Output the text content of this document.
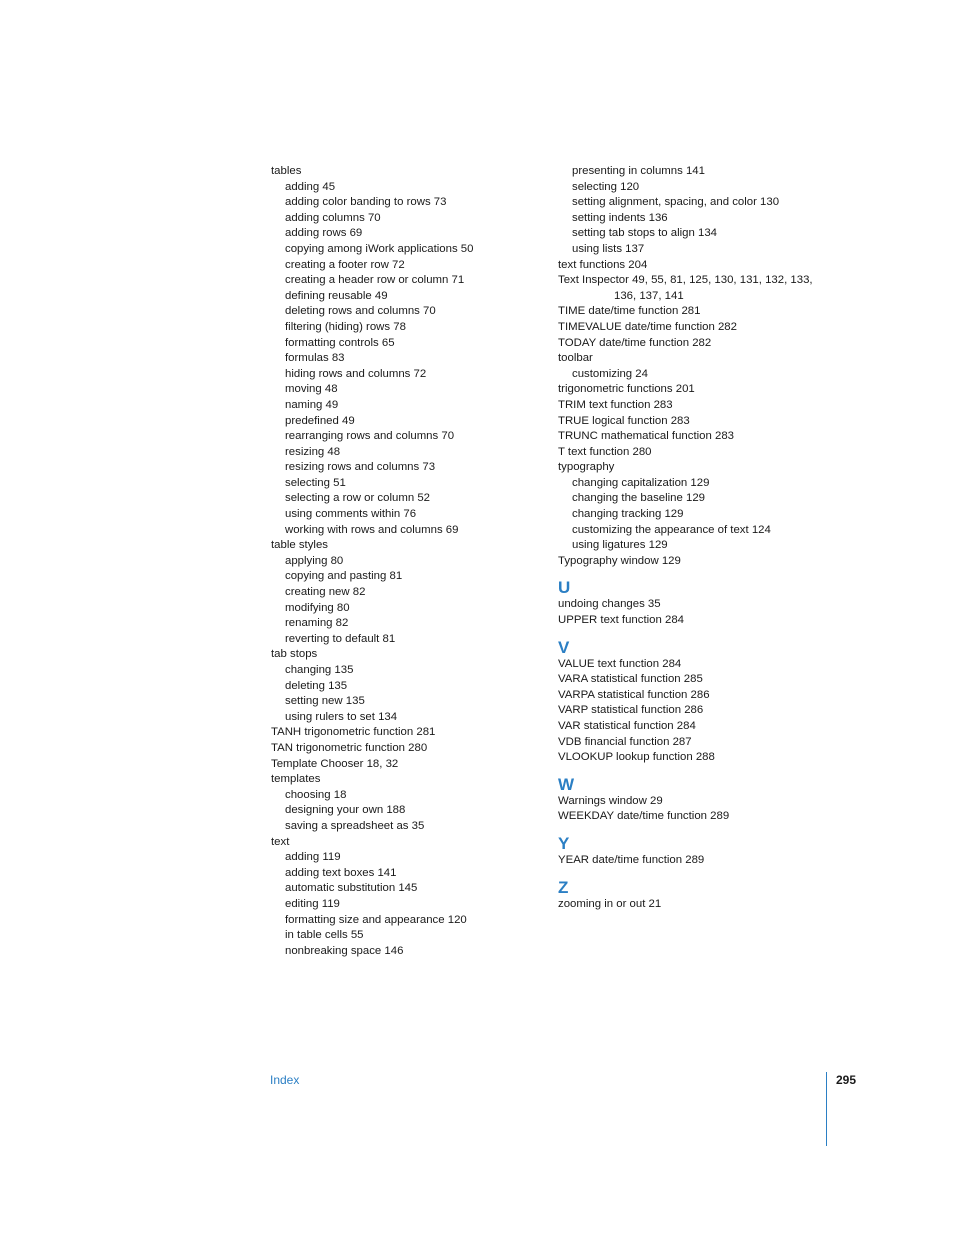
tables
adding 45
adding color banding to rows 73
adding columns 70
adding rows 69
copying among iWork applications 50
creating a footer row 72
creating a header row or column 71
defining reusable 49
deleting rows and columns 70
filtering (hiding) rows 78
formatting controls 65
formulas 83
hiding rows and columns 72
moving 48
naming 49
predefined 49
rearranging rows and columns 70
resizing 48
resizing rows and columns 73
selecting 51
selecting a row or column 52
using comments within 76
working with rows and columns 69
table styles
applying 80
copying and pasting 81
creating new 82
modifying 80
renaming 82
reverting to default 81
tab stops
changing 135
deleting 135
setting new 135
using rulers to set 134
TANH trigonometric function 281
TAN trigonometric function 280
Template Chooser 18, 32
templates
choosing 18
designing your own 188
saving a spreadsheet as 35
text
adding 119
adding text boxes 141
automatic substitution 145
editing 119
formatting size and appearance 120
in table cells 55
nonbreaking space 146
presenting in columns 141
selecting 120
setting alignment, spacing, and color 130
setting indents 136
setting tab stops to align 134
using lists 137
text functions 204
Text Inspector 49, 55, 81, 125, 130, 131, 132, 133,
136, 137, 141
TIME date/time function 281
TIMEVALUE date/time function 282
TODAY date/time function 282
toolbar
customizing 24
trigonometric functions 201
TRIM text function 283
TRUE logical function 283
TRUNC mathematical function 283
T text function 280
typography
changing capitalization 129
changing the baseline 129
changing tracking 129
customizing the appearance of text 124
using ligatures 129
Typography window 129
U
undoing changes 35
UPPER text function 284
V
VALUE text function 284
VARA statistical function 285
VARPA statistical function 286
VARP statistical function 286
VAR statistical function 284
VDB financial function 287
VLOOKUP lookup function 288
W
Warnings window 29
WEEKDAY date/time function 289
Y
YEAR date/time function 289
Z
zooming in or out 21
Index	295
